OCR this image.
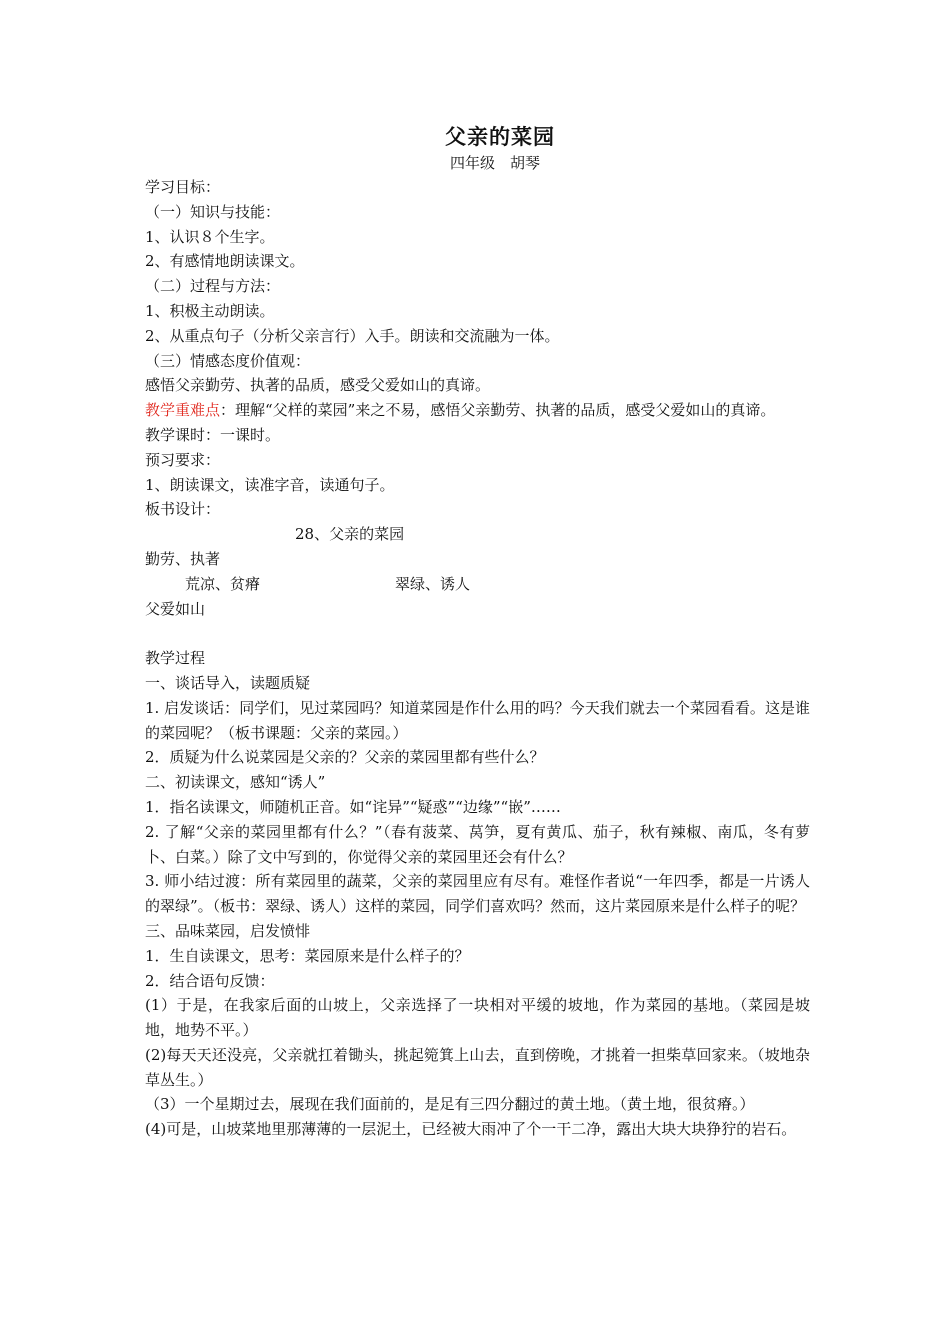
父亲的菜园
四年级　胡琴

学习目标：

（一）知识与技能：

1、认识８个生字。

2、有感情地朗读课文。

（二）过程与方法：

1、积极主动朗读。

2、从重点句子（分析父亲言行）入手。朗读和交流融为一体。

（三）情感态度价值观：

感悟父亲勤劳、执著的品质，感受父爱如山的真谛。

教学重难点：理解“父样的菜园”来之不易，感悟父亲勤劳、执著的品质，感受父爱如山的真谛。

教学课时：一课时。

预习要求：

1、朗读课文，读准字音，读通句子。

板书设计：

28、父亲的菜园

勤劳、执著

荒凉、贫瘠	翠绿、诱人

父爱如山

教学过程

一、谈话导入，读题质疑

1. 启发谈话：同学们，见过菜园吗？知道菜园是作什么用的吗？今天我们就去一个菜园看看。这是谁的菜园呢？（板书课题：父亲的菜园。）

2．质疑为什么说菜园是父亲的？父亲的菜园里都有些什么？

二、初读课文，感知“诱人”

1．指名读课文，师随机正音。如“诧异”“疑惑”“边缘”“嵌”……

2. 了解“父亲的菜园里都有什么？”（春有菠菜、莴笋，夏有黄瓜、茄子，秋有辣椒、南瓜，冬有萝卜、白菜。）除了文中写到的，你觉得父亲的菜园里还会有什么？

3. 师小结过渡：所有菜园里的蔬菜，父亲的菜园里应有尽有。难怪作者说“一年四季，都是一片诱人的翠绿”。（板书：翠绿、诱人）这样的菜园，同学们喜欢吗？然而，这片菜园原来是什么样子的呢？

三、品味菜园，启发愤悱

1．生自读课文，思考：菜园原来是什么样子的？

2．结合语句反馈：

(1）于是，在我家后面的山坡上，父亲选择了一块相对平缓的坡地，作为菜园的基地。（菜园是坡地，地势不平。）

(2)每天天还没亮，父亲就扛着锄头，挑起箢箕上山去，直到傍晚，才挑着一担柴草回家来。（坡地杂草丛生。）

（3）一个星期过去，展现在我们面前的，是足有三四分翻过的黄土地。（黄土地，很贫瘠。）

(4)可是，山坡菜地里那薄薄的一层泥土，已经被大雨冲了个一干二净，露出大块大块狰狞的岩石。
